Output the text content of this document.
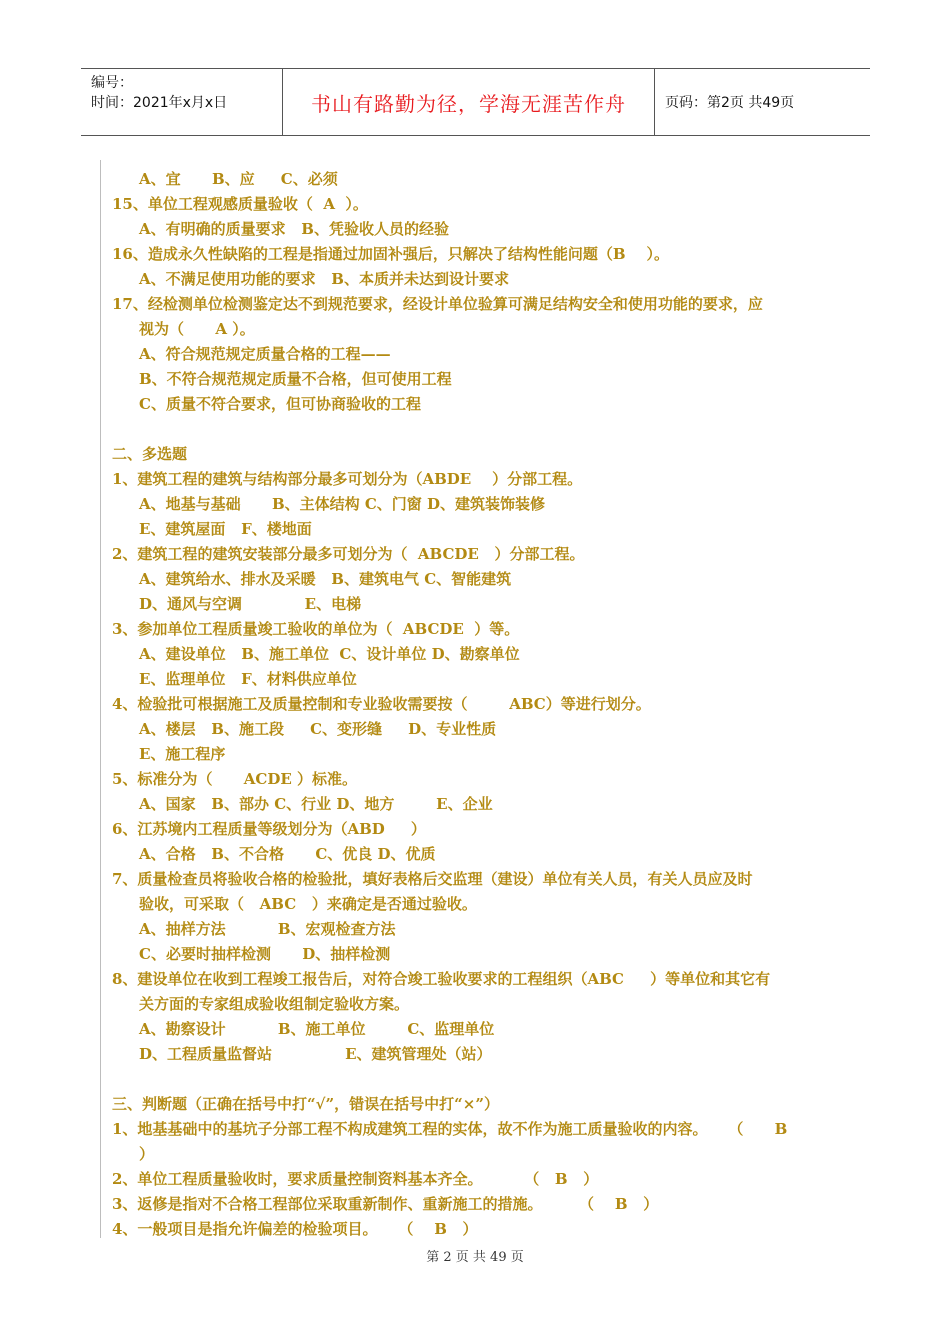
编号：
时间：2021年x月x日	书山有路勤为径，学海无涯苦作舟	页码：第2页 共49页
A、宜      B、应     C、必须
15、单位工程观感质量验收（  A  ）。
A、有明确的质量要求   B、凭验收人员的经验
16、造成永久性缺陷的工程是指通过加固补强后，只解决了结构性能问题（B    ）。
A、不满足使用功能的要求   B、本质并未达到设计要求
17、经检测单位检测鉴定达不到规范要求，经设计单位验算可满足结构安全和使用功能的要求，应
视为（      A ）。
A、符合规范规定质量合格的工程——
B、不符合规范规定质量不合格，但可使用工程
C、质量不符合要求，但可协商验收的工程
二、多选题
1、建筑工程的建筑与结构部分最多可划分为（ABDE    ）分部工程。
A、地基与基础      B、主体结构 C、门窗 D、建筑装饰装修
E、建筑屋面   F、楼地面
2、建筑工程的建筑安装部分最多可划分为（  ABCDE   ）分部工程。
A、建筑给水、排水及采暖   B、建筑电气 C、智能建筑
D、通风与空调            E、电梯
3、参加单位工程质量竣工验收的单位为（  ABCDE  ）等。
A、建设单位   B、施工单位  C、设计单位 D、勘察单位
E、监理单位   F、材料供应单位
4、检验批可根据施工及质量控制和专业验收需要按（        ABC）等进行划分。
A、楼层   B、施工段     C、变形缝     D、专业性质
E、施工程序
5、标准分为（      ACDE ）标准。
A、国家   B、部办 C、行业 D、地方        E、企业
6、江苏境内工程质量等级划分为（ABD     ）
A、合格   B、不合格      C、优良 D、优质
7、质量检查员将验收合格的检验批，填好表格后交监理（建设）单位有关人员，有关人员应及时
验收，可采取（   ABC   ）来确定是否通过验收。
A、抽样方法          B、宏观检查方法
C、必要时抽样检测      D、抽样检测
8、建设单位在收到工程竣工报告后，对符合竣工验收要求的工程组织（ABC     ）等单位和其它有
关方面的专家组成验收组制定验收方案。
A、勘察设计          B、施工单位        C、监理单位
D、工程质量监督站              E、建筑管理处（站）
三、判断题（正确在括号中打“√”，错误在括号中打“×”）
1、地基基础中的基坑子分部工程不构成建筑工程的实体，故不作为施工质量验收的内容。    （      B
）
2、单位工程质量验收时，要求质量控制资料基本齐全。        （   B   ）
3、返修是指对不合格工程部位采取重新制作、重新施工的措施。       （    B   ）
4、一般项目是指允许偏差的检验项目。    （    B   ）
第 2 页 共 49 页
